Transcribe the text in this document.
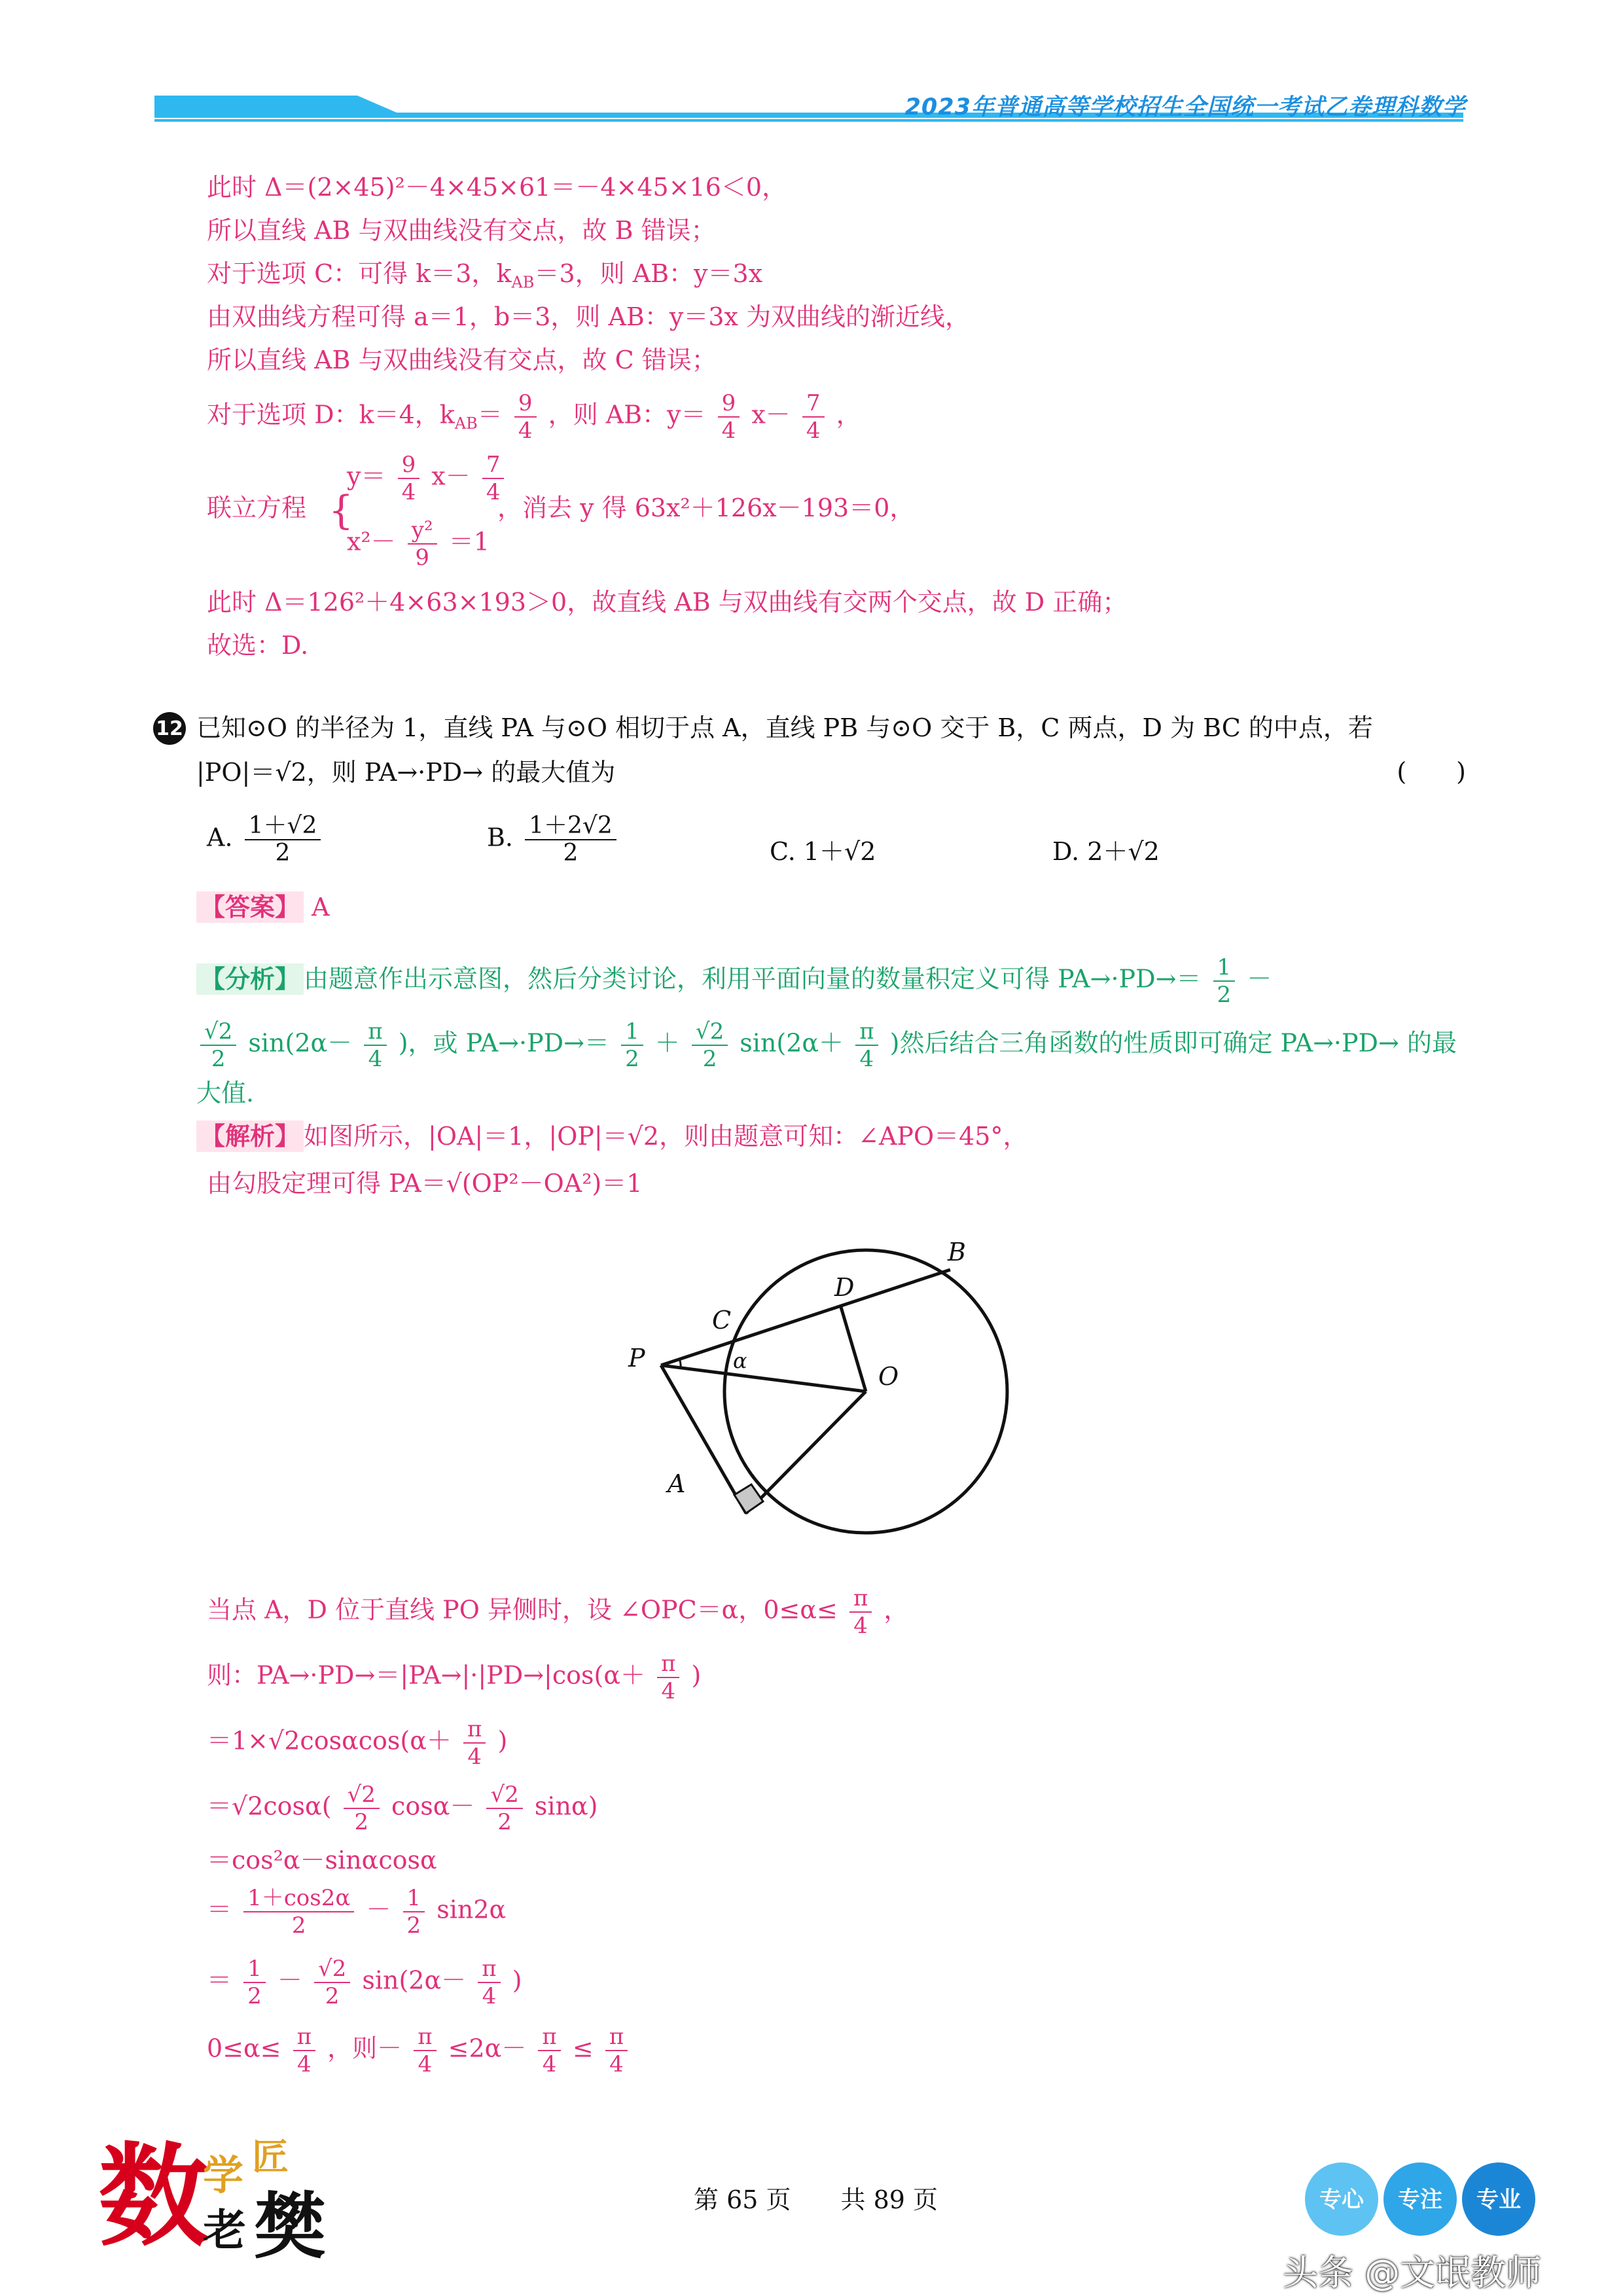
2023年普通高等学校招生全国统一考试乙卷理科数学
此时 Δ＝(2×45)²－4×45×61＝－4×45×16＜0，
所以直线 AB 与双曲线没有交点，故 B 错误；
对于选项 C：可得 k＝3，$k_{AB}=3$，则 AB：y＝3x
由双曲线方程可得 a＝1，b＝3，则 AB：y＝3x 为双曲线的渐近线，
所以直线 AB 与双曲线没有交点，故 C 错误；
对于选项 D：k＝4，$k_{AB}= \frac{9}{4}$ ，则 AB：$y= \frac{9}{4} x- \frac{7}{4}$ ，
联立方程 {
$y= \frac{9}{4} x- \frac{7}{4}$
$x^2- \frac{\text{y²}}{9} =1$
，消去 y 得 63x²＋126x－193＝0，
此时 Δ＝126²＋4×63×193＞0，故直线 AB 与双曲线有交两个交点，故 D 正确；
故选：D.
12 已知⊙O 的半径为 1，直线 PA 与⊙O 相切于点 A，直线 PB 与⊙O 交于 B，C 两点，D 为 BC 的中点，若
|PO|＝√2，则 PA→·PD→ 的最大值为	(　　)
A. $\frac{1+√2}{2}$	B. $\frac{1+2√2}{2}$	C. 1＋√2	D. 2＋√2
【答案】 A
【分析】 由题意作出示意图，然后分类讨论，利用平面向量的数量积定义可得 $PA\to\cdot PD\to= \frac{1}{2}$ －
$\frac{√2}{2} \sin(2\alpha- \frac{\pi}{4}$ )，或 $PA\to\cdot PD\to= \frac{1}{2} + \frac{√2}{2} \sin(2\alpha+ \frac{\pi}{4}$ )然后结合三角函数的性质即可确定 PA→·PD→ 的最
大值.
【解析】 如图所示，|OA|＝1，|OP|＝√2，则由题意可知：∠APO＝45°，
由勾股定理可得 PA＝√(OP²－OA²)＝1
P
A
B
C
D
O
α
当点 A，D 位于直线 PO 异侧时，设 ∠OPC＝α，$0\le\alpha\le \frac{\pi}{4}$ ，
则：$PA\to\cdot PD\to=|PA\to|\cdot|PD\to|\cos(\alpha+ \frac{\pi}{4}$ )
$=1\times√2\cos\alpha\cos(\alpha+ \frac{\pi}{4}$ )
$=√2\cos\alpha( \frac{√2}{2} \cos\alpha- \frac{√2}{2} \sin\alpha)$
＝cos²α－sinαcosα
＝ $\frac{1+\cos 2\alpha}{2} - \frac{1}{2} \sin 2\alpha$
＝ $\frac{1}{2} - \frac{√2}{2} \sin(2\alpha- \frac{\pi}{4}$ )
$0\le\alpha\le \frac{\pi}{4}$ ，则－ $\frac{\pi}{4} \le 2\alpha- \frac{\pi}{4} \le \frac{\pi}{4}$
数
学 匠
老 樊	第 65 页　　共 89 页	专心 专注 专业
头条 @文氓教师
